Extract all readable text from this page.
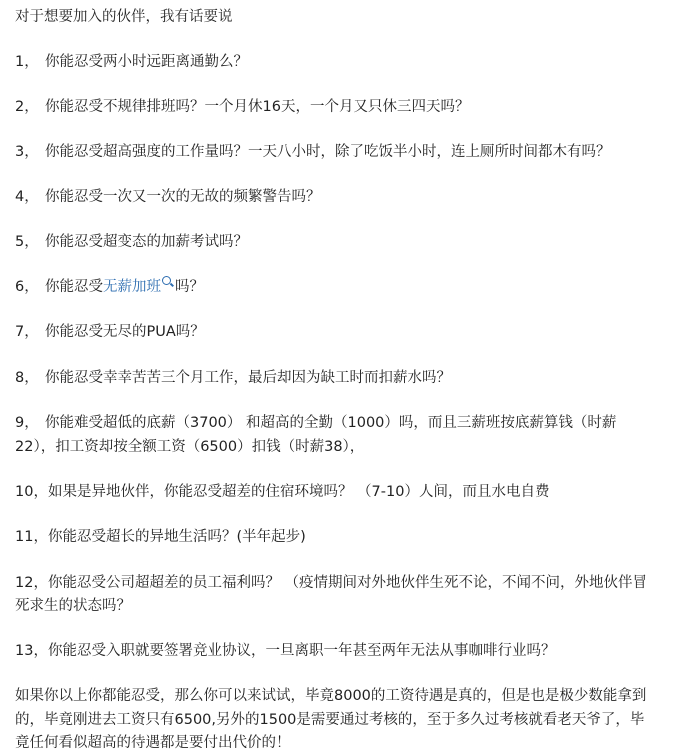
对于想要加入的伙伴，我有话要说
1， 你能忍受两小时远距离通勤么？
2， 你能忍受不规律排班吗？一个月休16天，一个月又只休三四天吗？
3， 你能忍受超高强度的工作量吗？一天八小时，除了吃饭半小时，连上厕所时间都木有吗？
4， 你能忍受一次又一次的无故的频繁警告吗？
5， 你能忍受超变态的加薪考试吗？
6， 你能忍受无薪加班 吗？
7， 你能忍受无尽的PUA吗？
8， 你能忍受幸幸苦苦三个月工作，最后却因为缺工时而扣薪水吗？
9， 你能难受超低的底薪（3700） 和超高的全勤（1000）吗，而且三薪班按底薪算钱（时薪
22），扣工资却按全额工资（6500）扣钱（时薪38），
10，如果是异地伙伴，你能忍受超差的住宿环境吗？ （7-10）人间，而且水电自费
11，你能忍受超长的异地生活吗？(半年起步)
12，你能忍受公司超超差的员工福利吗？ （疫情期间对外地伙伴生死不论，不闻不问，外地伙伴冒
死求生的状态吗？
13，你能忍受入职就要签署竞业协议，一旦离职一年甚至两年无法从事咖啡行业吗？
如果你以上你都能忍受，那么你可以来试试，毕竟8000的工资待遇是真的，但是也是极少数能拿到
的，毕竟刚进去工资只有6500,另外的1500是需要通过考核的，至于多久过考核就看老天爷了，毕
竟任何看似超高的待遇都是要付出代价的！
